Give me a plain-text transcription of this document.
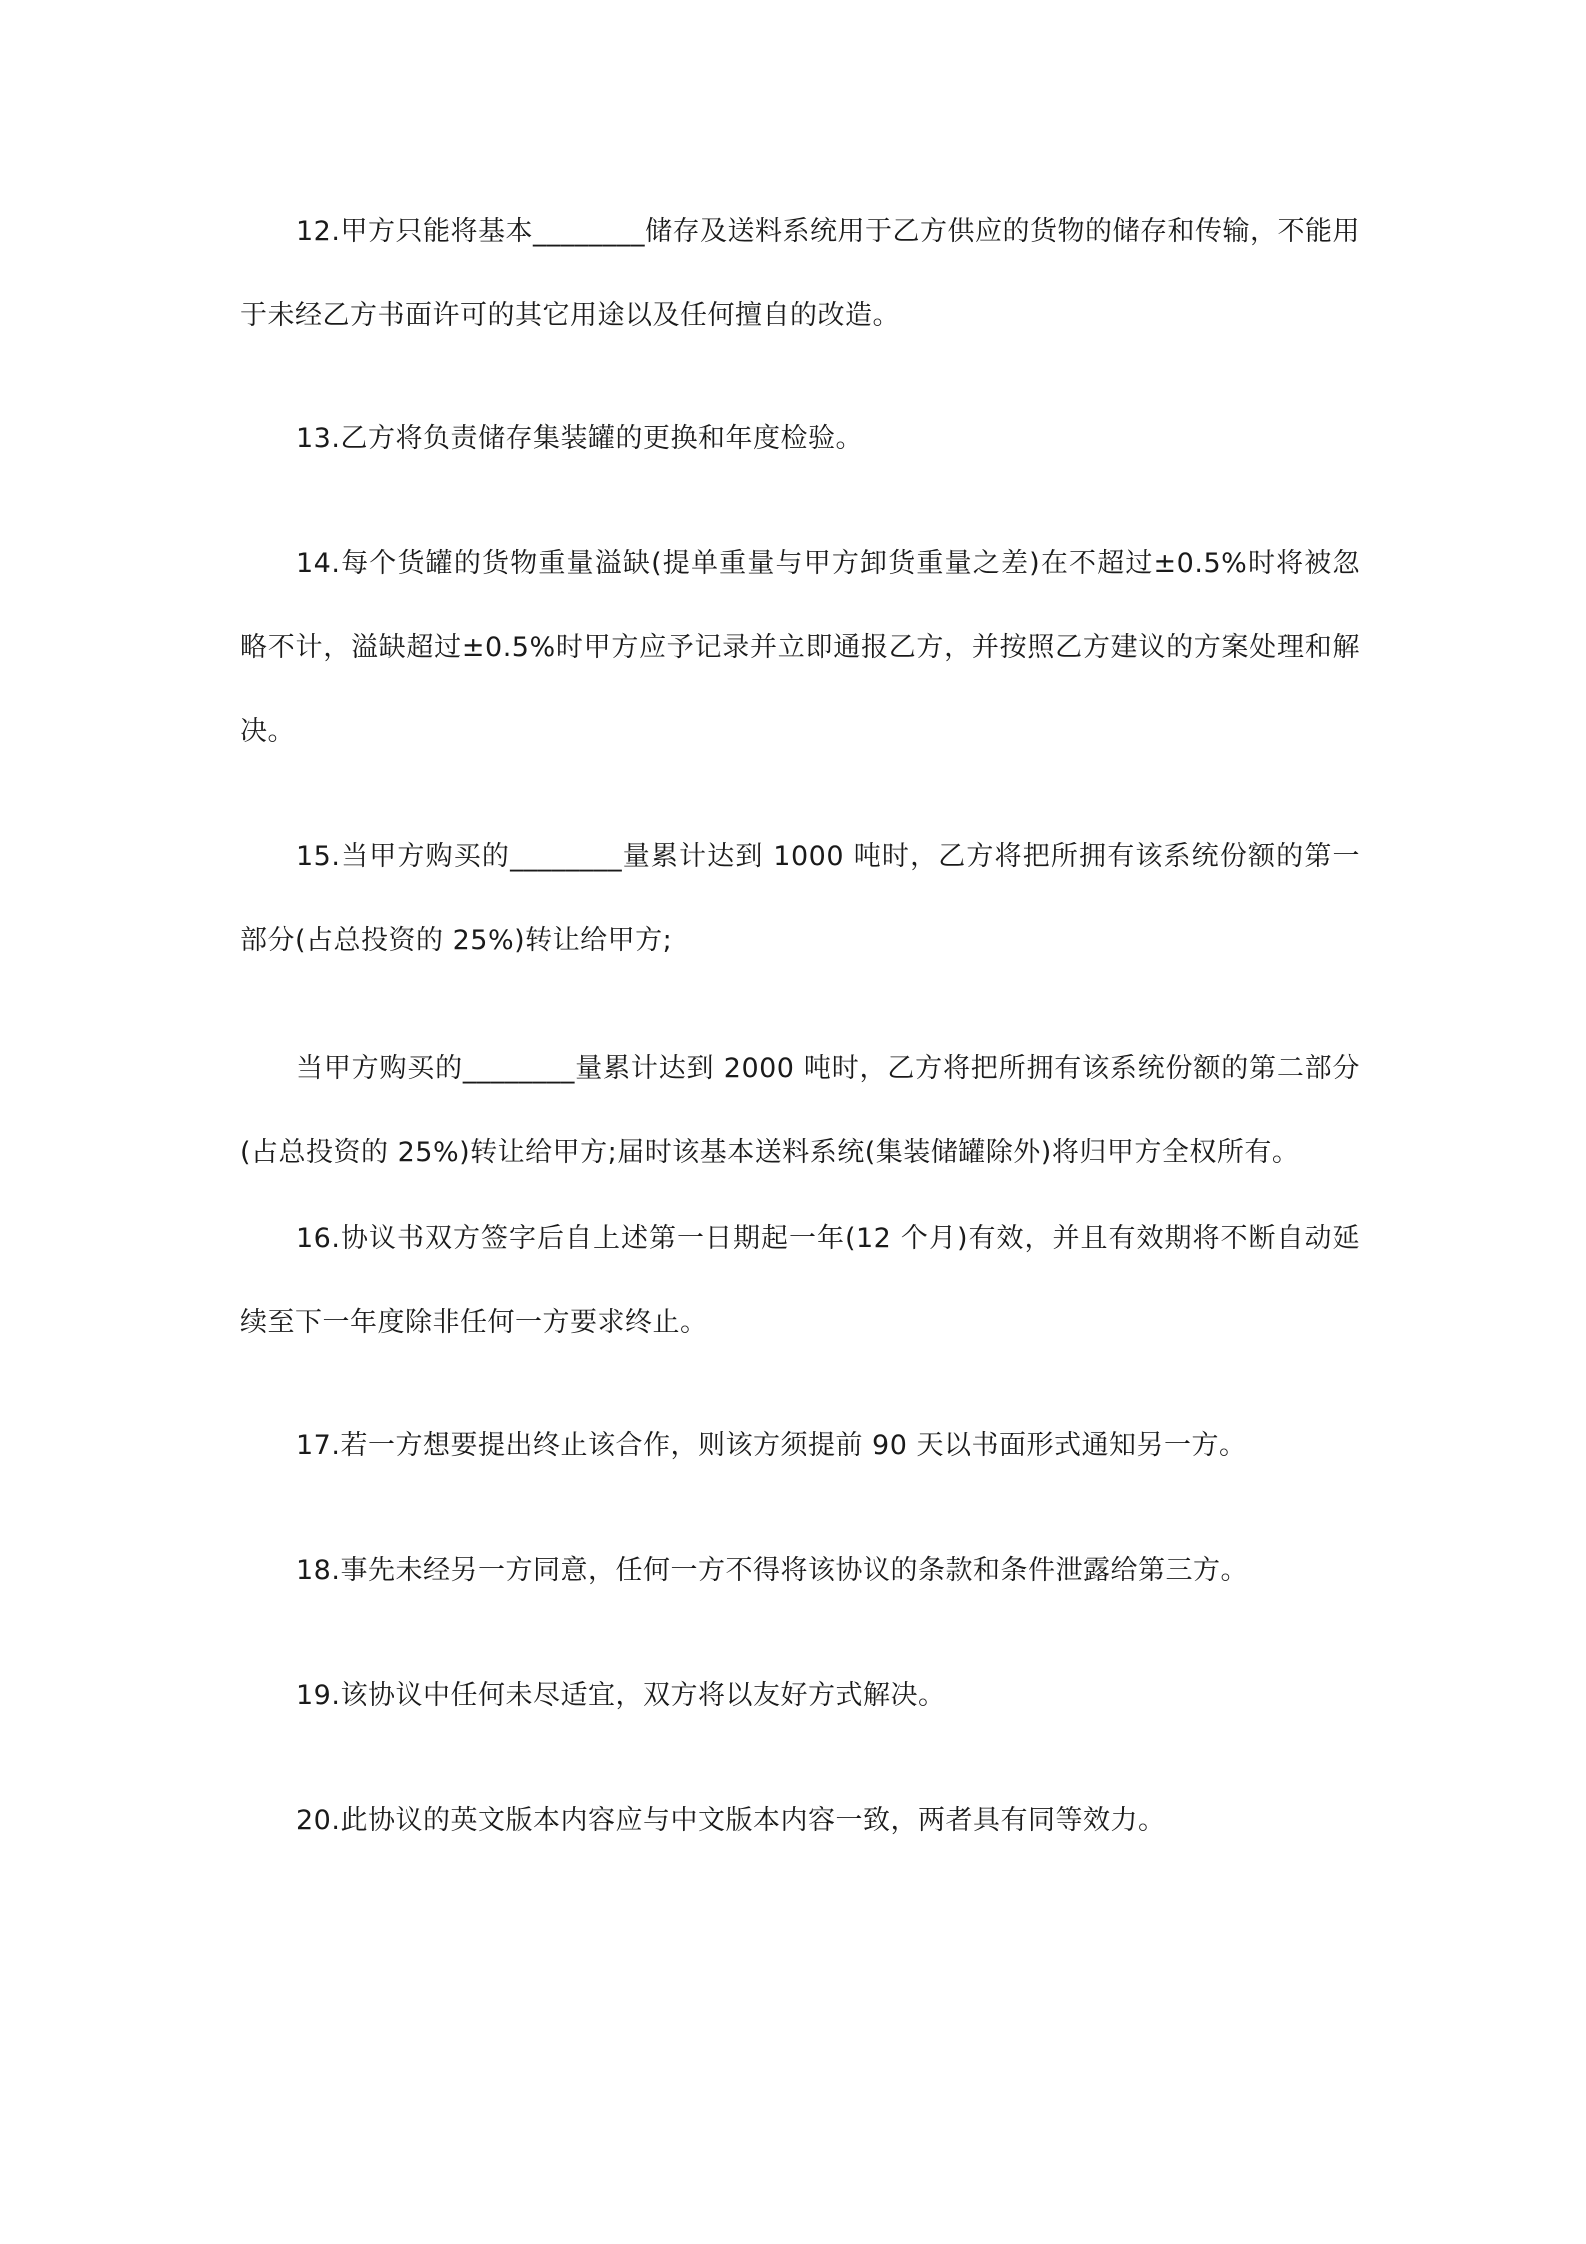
12.甲方只能将基本________储存及送料系统用于乙方供应的货物的储存和传输，不能用于未经乙方书面许可的其它用途以及任何擅自的改造。

13.乙方将负责储存集装罐的更换和年度检验。

14.每个货罐的货物重量溢缺(提单重量与甲方卸货重量之差)在不超过±0.5%时将被忽略不计，溢缺超过±0.5%时甲方应予记录并立即通报乙方，并按照乙方建议的方案处理和解决。

15.当甲方购买的________量累计达到 1000 吨时，乙方将把所拥有该系统份额的第一部分(占总投资的 25%)转让给甲方;

当甲方购买的________量累计达到 2000 吨时，乙方将把所拥有该系统份额的第二部分(占总投资的 25%)转让给甲方;届时该基本送料系统(集装储罐除外)将归甲方全权所有。

16.协议书双方签字后自上述第一日期起一年(12 个月)有效，并且有效期将不断自动延续至下一年度除非任何一方要求终止。

17.若一方想要提出终止该合作，则该方须提前 90 天以书面形式通知另一方。

18.事先未经另一方同意，任何一方不得将该协议的条款和条件泄露给第三方。

19.该协议中任何未尽适宜，双方将以友好方式解决。

20.此协议的英文版本内容应与中文版本内容一致，两者具有同等效力。
